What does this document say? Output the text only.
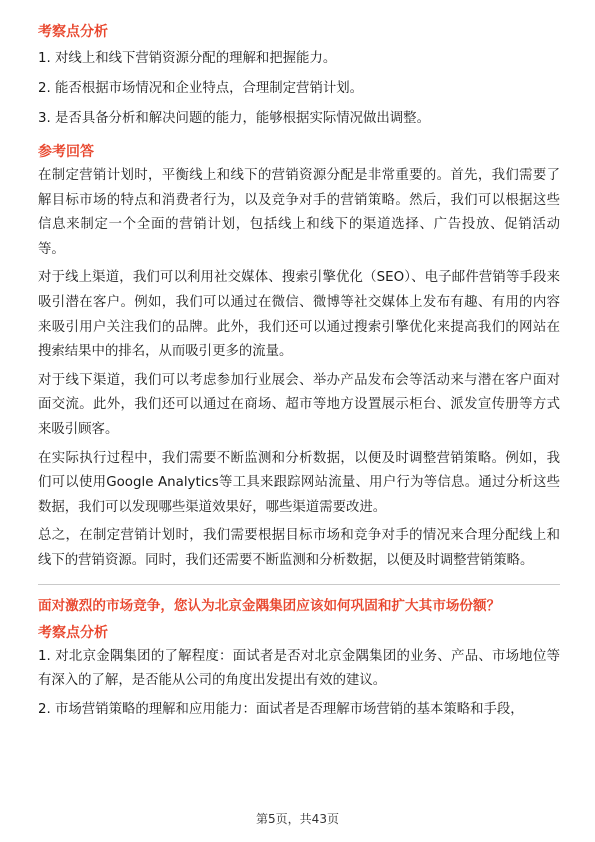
考察点分析

1. 对线上和线下营销资源分配的理解和把握能力。

2. 能否根据市场情况和企业特点，合理制定营销计划。

3. 是否具备分析和解决问题的能力，能够根据实际情况做出调整。

参考回答

在制定营销计划时，平衡线上和线下的营销资源分配是非常重要的。首先，我们需要了解目标市场的特点和消费者行为，以及竞争对手的营销策略。然后，我们可以根据这些信息来制定一个全面的营销计划，包括线上和线下的渠道选择、广告投放、促销活动等。

对于线上渠道，我们可以利用社交媒体、搜索引擎优化（SEO）、电子邮件营销等手段来吸引潜在客户。例如，我们可以通过在微信、微博等社交媒体上发布有趣、有用的内容来吸引用户关注我们的品牌。此外，我们还可以通过搜索引擎优化来提高我们的网站在搜索结果中的排名，从而吸引更多的流量。

对于线下渠道，我们可以考虑参加行业展会、举办产品发布会等活动来与潜在客户面对面交流。此外，我们还可以通过在商场、超市等地方设置展示柜台、派发宣传册等方式来吸引顾客。

在实际执行过程中，我们需要不断监测和分析数据，以便及时调整营销策略。例如，我们可以使用Google Analytics等工具来跟踪网站流量、用户行为等信息。通过分析这些数据，我们可以发现哪些渠道效果好，哪些渠道需要改进。

总之，在制定营销计划时，我们需要根据目标市场和竞争对手的情况来合理分配线上和线下的营销资源。同时，我们还需要不断监测和分析数据，以便及时调整营销策略。

面对激烈的市场竞争，您认为北京金隅集团应该如何巩固和扩大其市场份额？

考察点分析

1. 对北京金隅集团的了解程度：面试者是否对北京金隅集团的业务、产品、市场地位等有深入的了解，是否能从公司的角度出发提出有效的建议。

2. 市场营销策略的理解和应用能力：面试者是否理解市场营销的基本策略和手段，

第5页，共43页
